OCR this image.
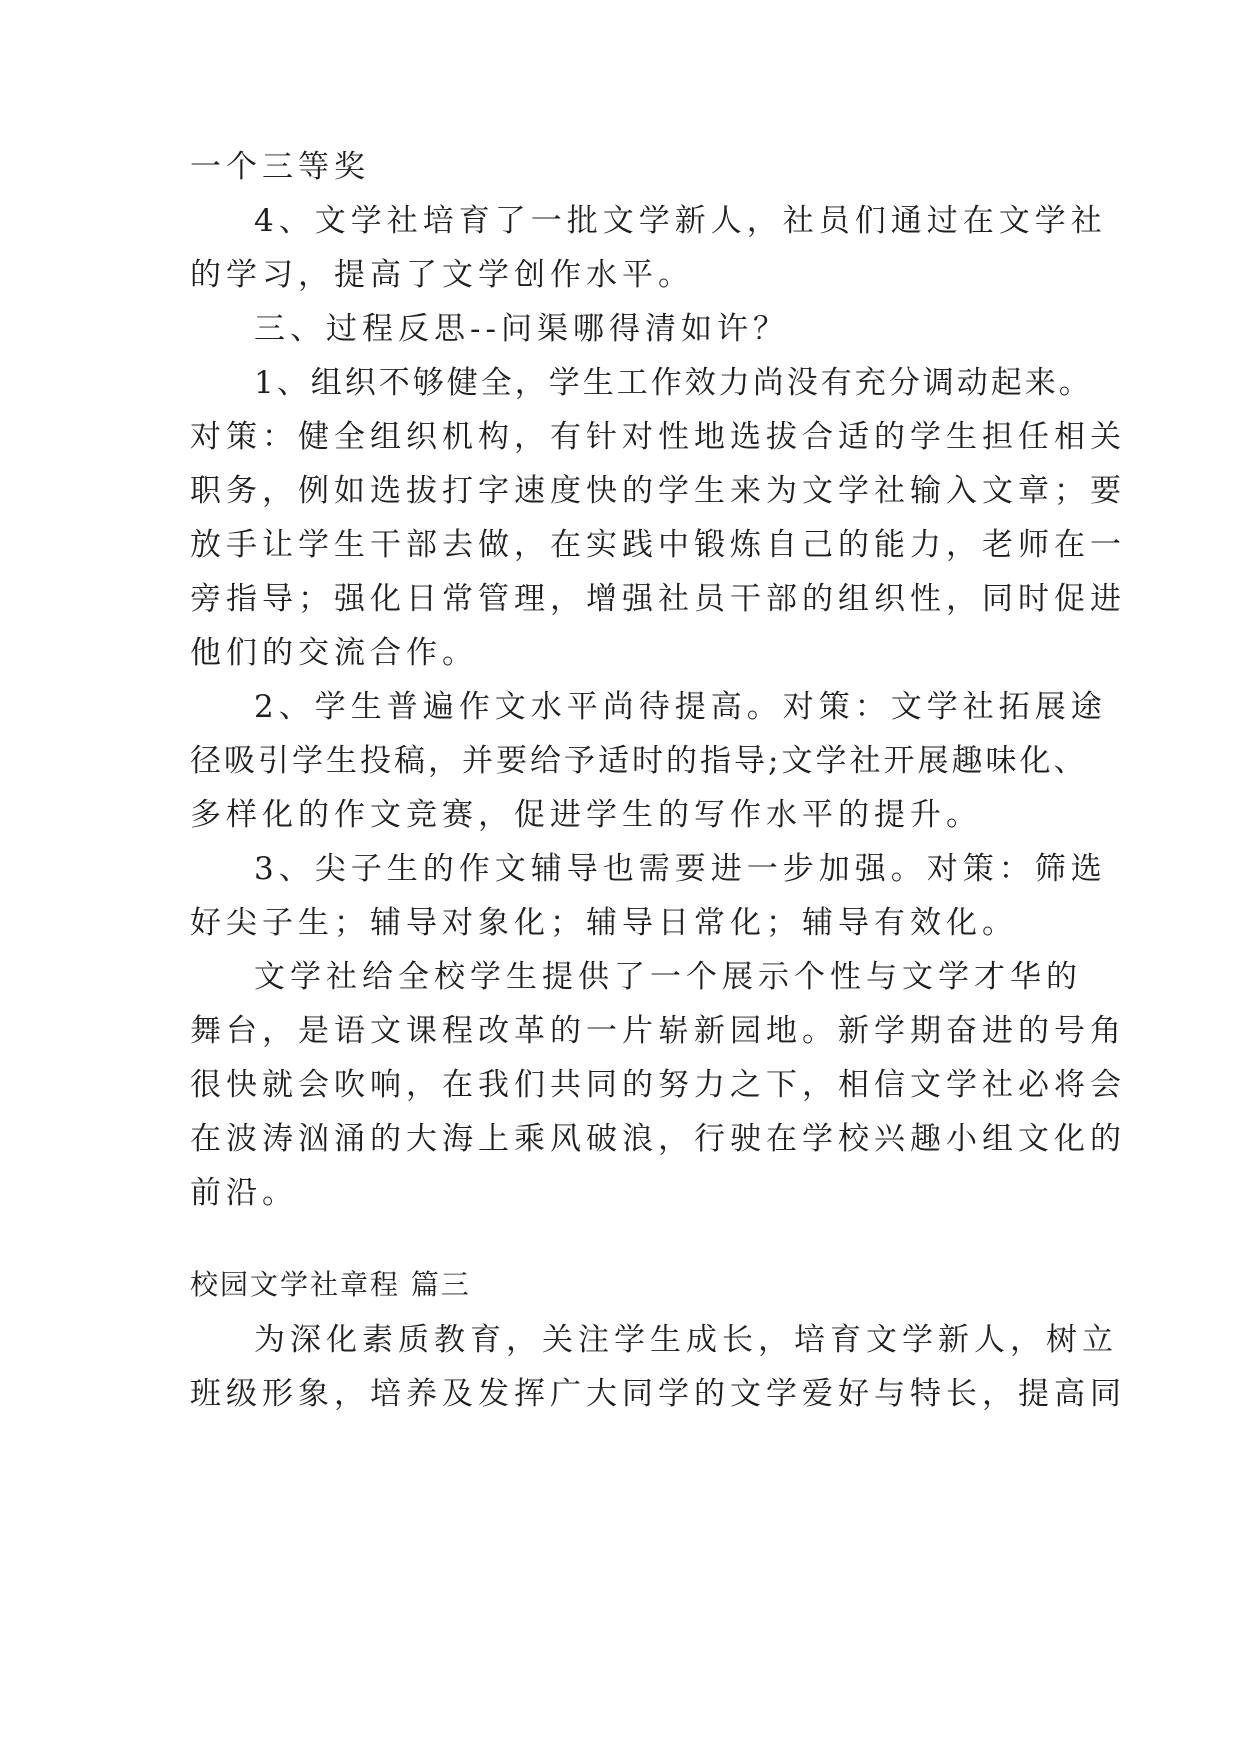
一个三等奖
4、文学社培育了一批文学新人，社员们通过在文学社
的学习，提高了文学创作水平。
三、过程反思--问渠哪得清如许？
1、组织不够健全，学生工作效力尚没有充分调动起来。
对策：健全组织机构，有针对性地选拔合适的学生担任相关
职务，例如选拔打字速度快的学生来为文学社输入文章；要
放手让学生干部去做，在实践中锻炼自己的能力，老师在一
旁指导；强化日常管理，增强社员干部的组织性，同时促进
他们的交流合作。
2、学生普遍作文水平尚待提高。对策：文学社拓展途
径吸引学生投稿，并要给予适时的指导;文学社开展趣味化、
多样化的作文竞赛，促进学生的写作水平的提升。
3、尖子生的作文辅导也需要进一步加强。对策：筛选
好尖子生；辅导对象化；辅导日常化；辅导有效化。
文学社给全校学生提供了一个展示个性与文学才华的
舞台，是语文课程改革的一片崭新园地。新学期奋进的号角
很快就会吹响，在我们共同的努力之下，相信文学社必将会
在波涛汹涌的大海上乘风破浪，行驶在学校兴趣小组文化的
前沿。
校园文学社章程 篇三
为深化素质教育，关注学生成长，培育文学新人，树立
班级形象，培养及发挥广大同学的文学爱好与特长，提高同
